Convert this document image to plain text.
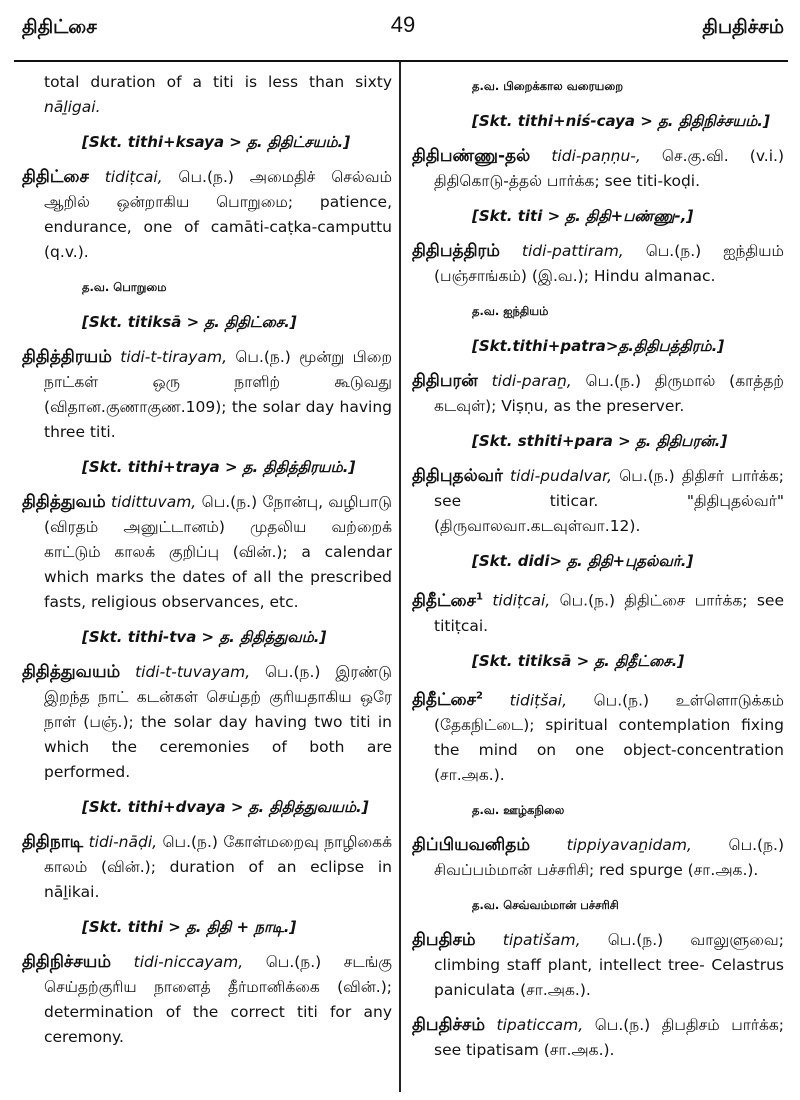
திதிட்சை	49	திபதிச்சம்
total duration of a titi is less than sixty nāḻigai.
[Skt. tithi+ksaya > த. திதிட்சயம்.]
திதிட்சை tidiṭcai, பெ.(ந.) அமைதிச் செல்வம் ஆறில் ஒன்றாகிய பொறுமை; patience, endurance, one of camāti-caṭka-camputtu (q.v.).
த.வ. பொறுமை
[Skt. titiksā > த. திதிட்சை.]
திதித்திரயம் tidi-t-tirayam, பெ.(ந.) மூன்று பிறை நாட்கள் ஒரு நாளிற் கூடுவது (விதான.குணாகுண.109); the solar day having three titi.
[Skt. tithi+traya > த. திதித்திரயம்.]
திதித்துவம் tidittuvam, பெ.(ந.) நோன்பு, வழிபாடு (விரதம் அனுட்டானம்) முதலிய வற்றைக் காட்டும் காலக் குறிப்பு (வின்.); a calendar which marks the dates of all the prescribed fasts, religious observances, etc.
[Skt. tithi-tva > த. திதித்துவம்.]
திதித்துவயம் tidi-t-tuvayam, பெ.(ந.) இரண்டு இறந்த நாட் கடன்கள் செய்தற் குரியதாகிய ஒரே நாள் (பஞ்.); the solar day having two titi in which the ceremonies of both are performed.
[Skt. tithi+dvaya > த. திதித்துவயம்.]
திதிநாடி tidi-nāḍi, பெ.(ந.) கோள்மறைவு நாழிகைக் காலம் (வின்.); duration of an eclipse in nāḻikai.
[Skt. tithi > த. திதி + நாடி.]
திதிநிச்சயம் tidi-niccayam, பெ.(ந.) சடங்கு செய்தற்குரிய நாளைத் தீர்மானிக்கை (வின்.); determination of the correct titi for any ceremony.
த.வ. பிறைக்கால வரையறை
[Skt. tithi+niś-caya > த. திதிநிச்சயம்.]
திதிபண்ணு-தல் tidi-paṇṇu-, செ.கு.வி. (v.i.) திதிகொடு-த்தல் பார்க்க; see titi-koḍi.
[Skt. titi > த. திதி+பண்ணு-,]
திதிபத்திரம் tidi-pattiram, பெ.(ந.) ஐந்தியம் (பஞ்சாங்கம்) (இ.வ.); Hindu almanac.
த.வ. ஐந்தியம்
[Skt.tithi+patra>த.திதிபத்திரம்.]
திதிபரன் tidi-paraṉ, பெ.(ந.) திருமால் (காத்தற் கடவுள்); Viṣṇu, as the preserver.
[Skt. sthiti+para > த. திதிபரன்.]
திதிபுதல்வர் tidi-pudalvar, பெ.(ந.) திதிசர் பார்க்க; see titicar. "திதிபுதல்வர்" (திருவாலவா.கடவுள்வா.12).
[Skt. didi> த. திதி+புதல்வர்.]
திதீட்சை$^1$ tidiṭcai, பெ.(ந.) திதிட்சை பார்க்க; see titiṭcai.
[Skt. titiksā > த. திதீட்சை.]
திதீட்சை$^2$ tidiṭšai, பெ.(ந.) உள்ளொடுக்கம் (தேகநிட்டை); spiritual contemplation fixing the mind on one object-concentration (சா.அக.).
த.வ. ஊழ்கநிலை
திப்பியவனிதம் tippiyavaṉidam, பெ.(ந.) சிவப்பம்மான் பச்சரிசி; red spurge (சா.அக.).
த.வ. செவ்வம்மான் பச்சரிசி
திபதிசம் tipatišam, பெ.(ந.) வாலுளுவை; climbing staff plant, intellect tree- Celastrus paniculata (சா.அக.).
திபதிச்சம் tipaticcam, பெ.(ந.) திபதிசம் பார்க்க; see tipatisam (சா.அக.).
